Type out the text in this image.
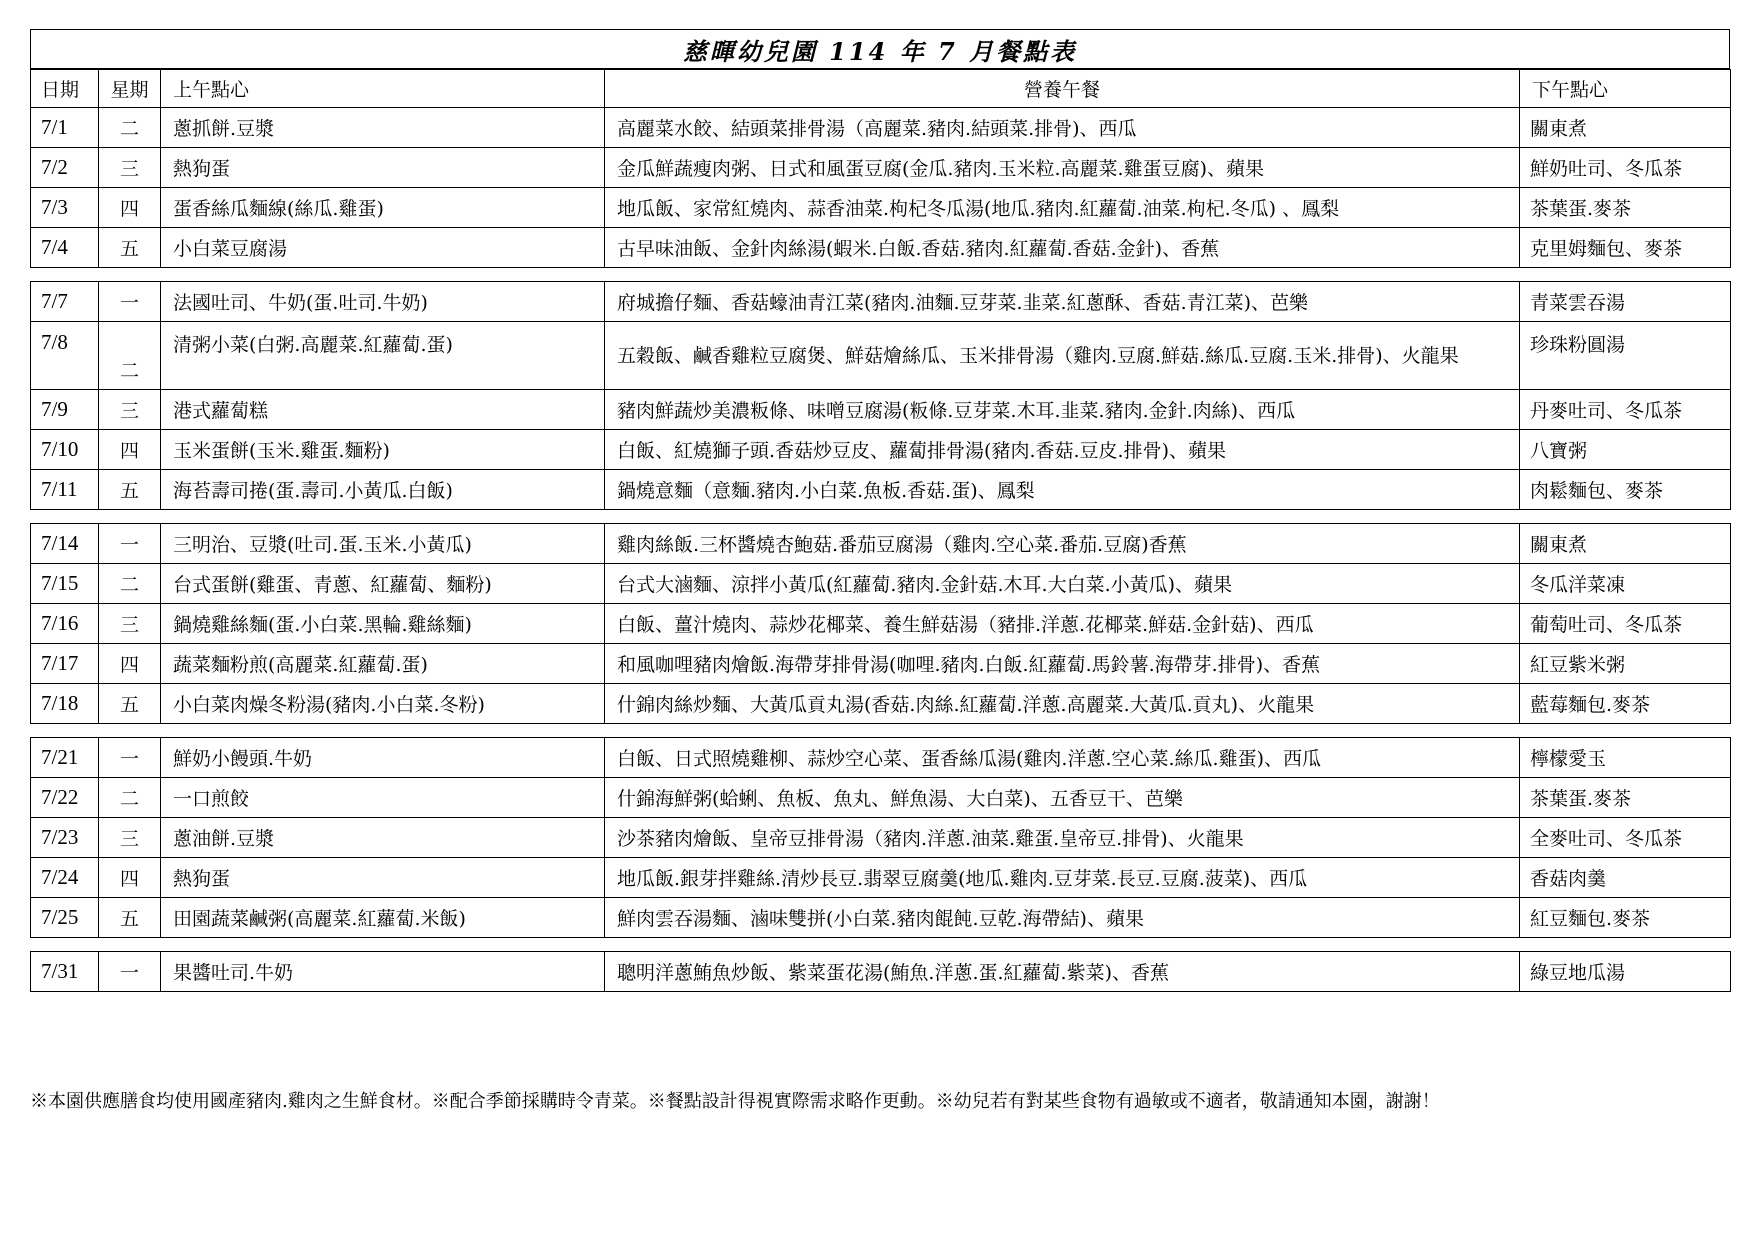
慈暉幼兒園 114 年 7 月餐點表
日期	星期	上午點心	營養午餐	下午點心
7/1	二	蔥抓餅.豆漿	高麗菜水餃、結頭菜排骨湯（高麗菜.豬肉.結頭菜.排骨)、西瓜	關東煮
7/2	三	熱狗蛋	金瓜鮮蔬瘦肉粥、日式和風蛋豆腐(金瓜.豬肉.玉米粒.高麗菜.雞蛋豆腐)、蘋果	鮮奶吐司、冬瓜茶
7/3	四	蛋香絲瓜麵線(絲瓜.雞蛋)	地瓜飯、家常紅燒肉、蒜香油菜.枸杞冬瓜湯(地瓜.豬肉.紅蘿蔔.油菜.枸杞.冬瓜) 、鳳梨	茶葉蛋.麥茶
7/4	五	小白菜豆腐湯	古早味油飯、金針肉絲湯(蝦米.白飯.香菇.豬肉.紅蘿蔔.香菇.金針)、香蕉	克里姆麵包、麥茶

7/7	一	法國吐司、牛奶(蛋.吐司.牛奶)	府城擔仔麵、香菇蠔油青江菜(豬肉.油麵.豆芽菜.韭菜.紅蔥酥、香菇.青江菜)、芭樂	青菜雲吞湯
7/8	二	清粥小菜(白粥.高麗菜.紅蘿蔔.蛋)	五穀飯、鹹香雞粒豆腐煲、鮮菇燴絲瓜、玉米排骨湯（雞肉.豆腐.鮮菇.絲瓜.豆腐.玉米.排骨)、火龍果	珍珠粉圓湯
7/9	三	港式蘿蔔糕	豬肉鮮蔬炒美濃粄條、味噌豆腐湯(粄條.豆芽菜.木耳.韭菜.豬肉.金針.肉絲)、西瓜	丹麥吐司、冬瓜茶
7/10	四	玉米蛋餅(玉米.雞蛋.麵粉)	白飯、紅燒獅子頭.香菇炒豆皮、蘿蔔排骨湯(豬肉.香菇.豆皮.排骨)、蘋果	八寶粥
7/11	五	海苔壽司捲(蛋.壽司.小黃瓜.白飯)	鍋燒意麵（意麵.豬肉.小白菜.魚板.香菇.蛋)、鳳梨	肉鬆麵包、麥茶

7/14	一	三明治、豆漿(吐司.蛋.玉米.小黃瓜)	雞肉絲飯.三杯醬燒杏鮑菇.番茄豆腐湯（雞肉.空心菜.番茄.豆腐)香蕉	關東煮
7/15	二	台式蛋餅(雞蛋、青蔥、紅蘿蔔、麵粉)	台式大滷麵、涼拌小黃瓜(紅蘿蔔.豬肉.金針菇.木耳.大白菜.小黃瓜)、蘋果	冬瓜洋菜凍
7/16	三	鍋燒雞絲麵(蛋.小白菜.黑輪.雞絲麵)	白飯、薑汁燒肉、蒜炒花椰菜、養生鮮菇湯（豬排.洋蔥.花椰菜.鮮菇.金針菇)、西瓜	葡萄吐司、冬瓜茶
7/17	四	蔬菜麵粉煎(高麗菜.紅蘿蔔.蛋)	和風咖哩豬肉燴飯.海帶芽排骨湯(咖哩.豬肉.白飯.紅蘿蔔.馬鈴薯.海帶芽.排骨)、香蕉	紅豆紫米粥
7/18	五	小白菜肉燥冬粉湯(豬肉.小白菜.冬粉)	什錦肉絲炒麵、大黃瓜貢丸湯(香菇.肉絲.紅蘿蔔.洋蔥.高麗菜.大黃瓜.貢丸)、火龍果	藍莓麵包.麥茶

7/21	一	鮮奶小饅頭.牛奶	白飯、日式照燒雞柳、蒜炒空心菜、蛋香絲瓜湯(雞肉.洋蔥.空心菜.絲瓜.雞蛋)、西瓜	檸檬愛玉
7/22	二	一口煎餃	什錦海鮮粥(蛤蜊、魚板、魚丸、鮮魚湯、大白菜)、五香豆干、芭樂	茶葉蛋.麥茶
7/23	三	蔥油餅.豆漿	沙茶豬肉燴飯、皇帝豆排骨湯（豬肉.洋蔥.油菜.雞蛋.皇帝豆.排骨)、火龍果	全麥吐司、冬瓜茶
7/24	四	熱狗蛋	地瓜飯.銀芽拌雞絲.清炒長豆.翡翠豆腐羹(地瓜.雞肉.豆芽菜.長豆.豆腐.菠菜)、西瓜	香菇肉羹
7/25	五	田園蔬菜鹹粥(高麗菜.紅蘿蔔.米飯)	鮮肉雲吞湯麵、滷味雙拼(小白菜.豬肉餛飩.豆乾.海帶結)、蘋果	紅豆麵包.麥茶

7/31	一	果醬吐司.牛奶	聰明洋蔥鮪魚炒飯、紫菜蛋花湯(鮪魚.洋蔥.蛋.紅蘿蔔.紫菜)、香蕉	綠豆地瓜湯
※本園供應膳食均使用國產豬肉.雞肉之生鮮食材。※配合季節採購時令青菜。※餐點設計得視實際需求略作更動。※幼兒若有對某些食物有過敏或不適者，敬請通知本園，謝謝！
